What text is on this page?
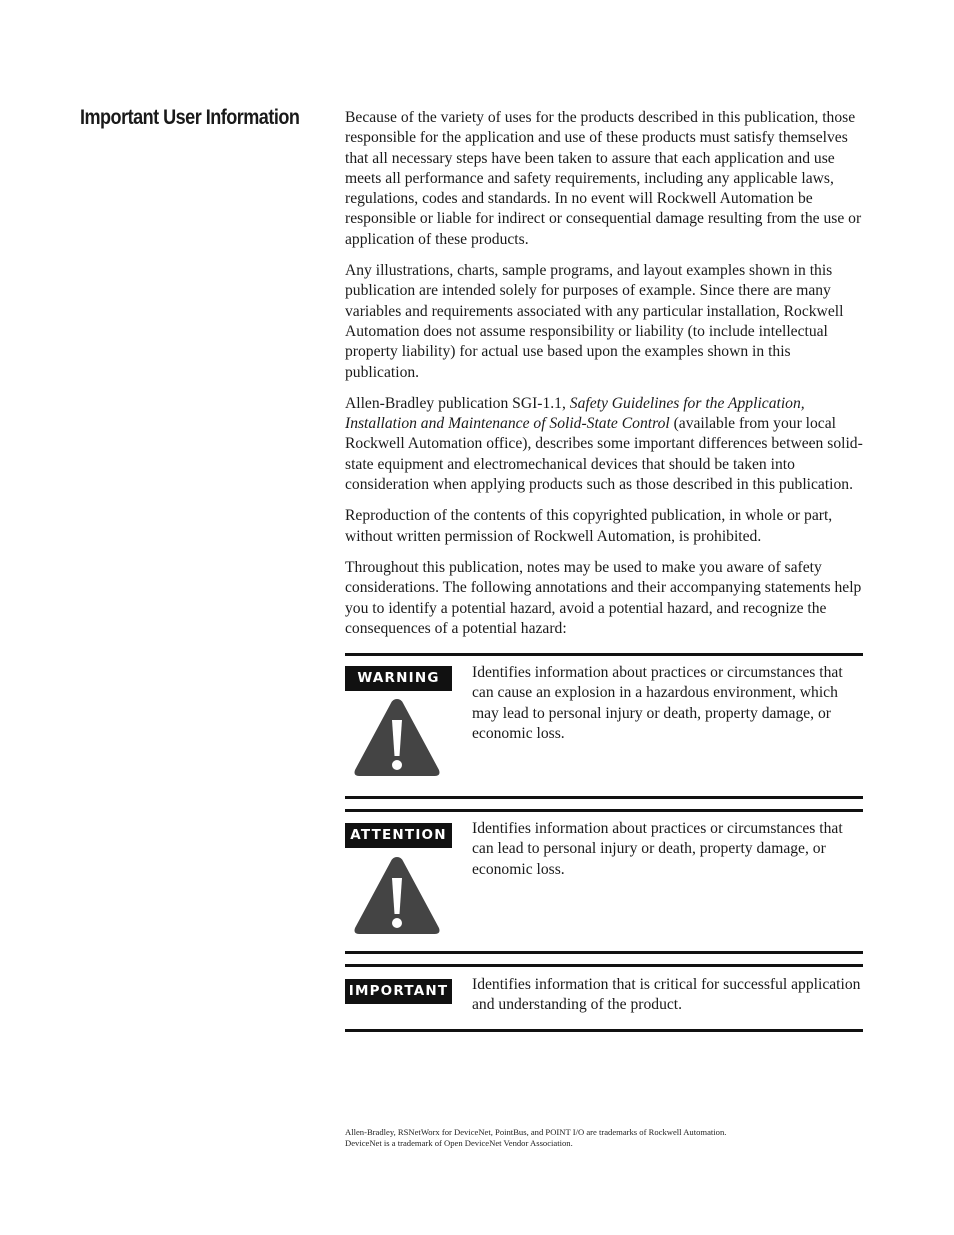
Important User Information	Because of the variety of uses for the products described in this publication, those responsible for the application and use of these products must satisfy themselves that all necessary steps have been taken to assure that each application and use meets all performance and safety requirements, including any applicable laws, regulations, codes and standards. In no event will Rockwell Automation be responsible or liable for indirect or consequential damage resulting from the use or application of these products.

Any illustrations, charts, sample programs, and layout examples shown in this publication are intended solely for purposes of example. Since there are many variables and requirements associated with any particular installation, Rockwell Automation does not assume responsibility or liability (to include intellectual property liability) for actual use based upon the examples shown in this publication.

Allen-Bradley publication SGI-1.1, Safety Guidelines for the Application, Installation and Maintenance of Solid-State Control (available from your local Rockwell Automation office), describes some important differences between solid-state equipment and electromechanical devices that should be taken into consideration when applying products such as those described in this publication.

Reproduction of the contents of this copyrighted publication, in whole or part, without written permission of Rockwell Automation, is prohibited.

Throughout this publication, notes may be used to make you aware of safety considerations. The following annotations and their accompanying statements help you to identify a potential hazard, avoid a potential hazard, and recognize the consequences of a potential hazard:

WARNING	Identifies information about practices or circumstances that can cause an explosion in a hazardous environment, which may lead to personal injury or death, property damage, or economic loss.
ATTENTION	Identifies information about practices or circumstances that can lead to personal injury or death, property damage, or economic loss.
IMPORTANT Identifies information that is critical for successful application and understanding of the product.
Allen-Bradley, RSNetWorx for DeviceNet, PointBus, and POINT I/O are trademarks of Rockwell Automation.
DeviceNet is a trademark of Open DeviceNet Vendor Association.
